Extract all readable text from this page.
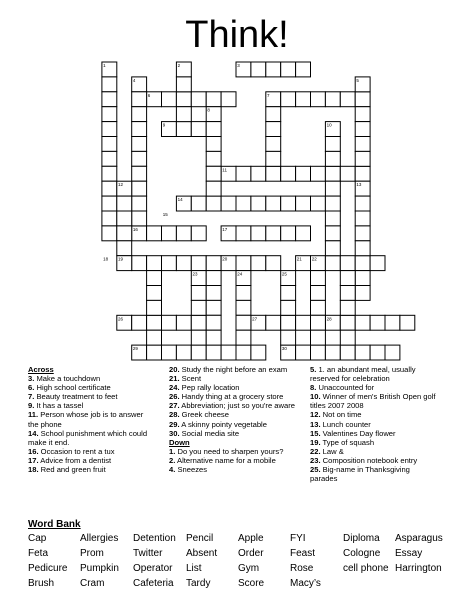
Think!
1	2	3
4	5
6	7
8
9	10
11
12	13
14
15
16	17
18 19	20	21 22
23	24	25
26	27	28
29	30
Across
3. Make a touchdown
6. High school certificate
7. Beauty treatment to feet
9. It has a tassel
11. Person whose job is to answer
the phone
14. School punishment which could
make it end.
16. Occasion to rent a tux
17. Advice from a dentist
18. Red and green fruit
20. Study the night before an exam
21. Scent
24. Pep rally location
26. Handy thing at a grocery store
27. Abbreviation; just so you're aware
28. Greek cheese
29. A skinny pointy vegetable
30. Social media site
Down
1. Do you need to sharpen yours?
2. Alternative name for a mobile
4. Sneezes
5. 1. an abundant meal, usually
reserved for celebration
8. Unaccounted for
10. Winner of men's British Open golf
titles 2007 2008
12. Not on time
13. Lunch counter
15. Valentines Day flower
19. Type of squash
22. Law &
23. Composition notebook entry
25. Big-name in Thanksgiving
parades
Word Bank
Cap	Allergies Detention Pencil Apple	FYI	Diploma Asparagus
Feta	Prom	Twitter Absent Order	Feast	Cologne Essay
Pedicure Pumpkin Operator List	Gym	Rose	cell phone Harrington
Brush	Cram	Cafeteria Tardy	Score	Macy’s
